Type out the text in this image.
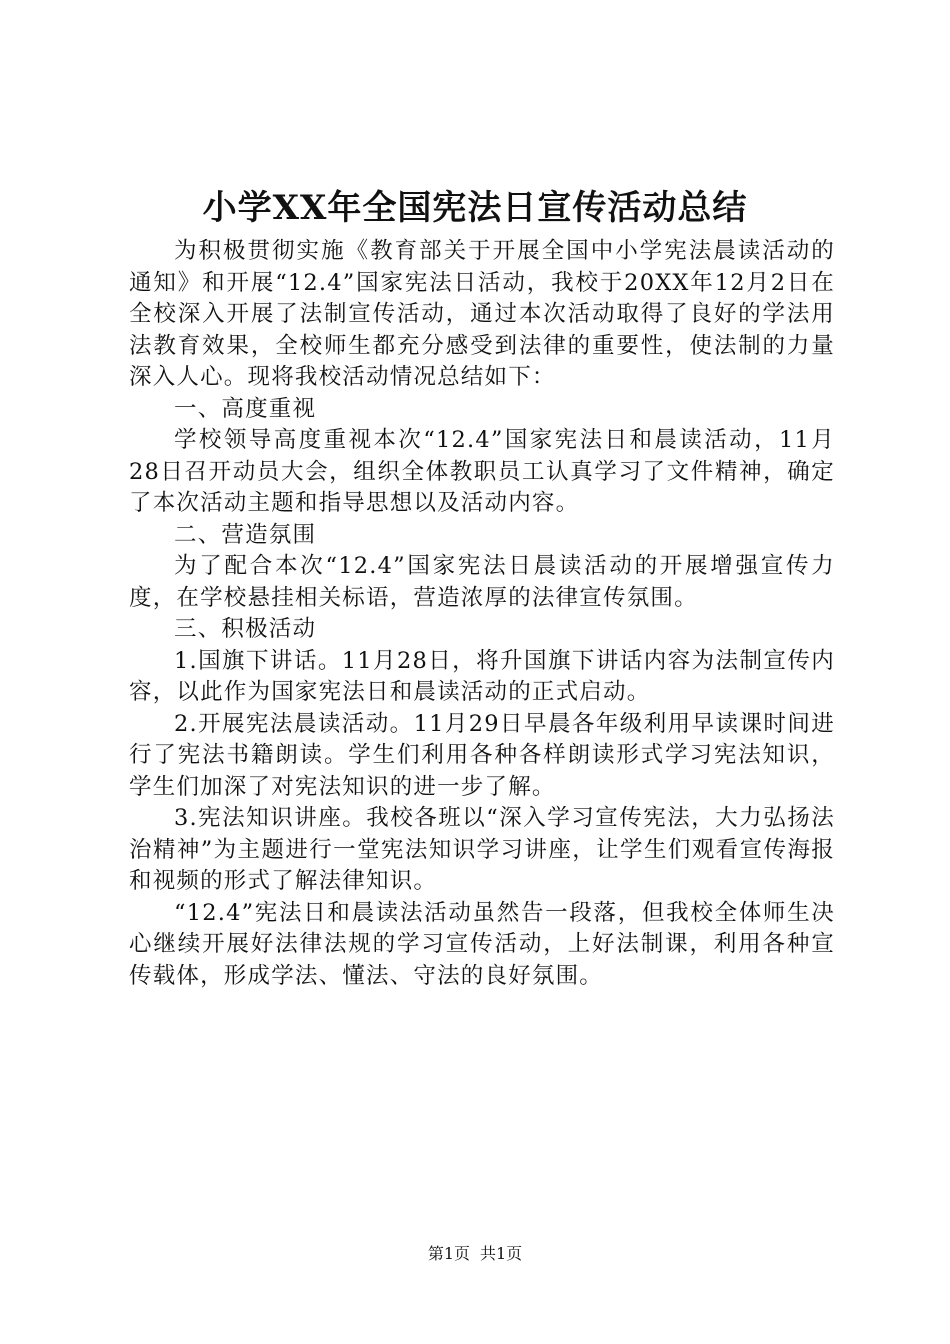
小学XX年全国宪法日宣传活动总结

为积极贯彻实施《教育部关于开展全国中小学宪法晨读活动的通知》和开展“12.4”国家宪法日活动，我校于20XX年12月2日在全校深入开展了法制宣传活动，通过本次活动取得了良好的学法用法教育效果，全校师生都充分感受到法律的重要性，使法制的力量深入人心。现将我校活动情况总结如下：

一、高度重视

学校领导高度重视本次“12.4”国家宪法日和晨读活动，11月28日召开动员大会，组织全体教职员工认真学习了文件精神，确定了本次活动主题和指导思想以及活动内容。

二、营造氛围

为了配合本次“12.4”国家宪法日晨读活动的开展增强宣传力度，在学校悬挂相关标语，营造浓厚的法律宣传氛围。

三、积极活动

1.国旗下讲话。11月28日，将升国旗下讲话内容为法制宣传内容，以此作为国家宪法日和晨读活动的正式启动。

2.开展宪法晨读活动。11月29日早晨各年级利用早读课时间进行了宪法书籍朗读。学生们利用各种各样朗读形式学习宪法知识，学生们加深了对宪法知识的进一步了解。

3.宪法知识讲座。我校各班以“深入学习宣传宪法，大力弘扬法治精神”为主题进行一堂宪法知识学习讲座，让学生们观看宣传海报和视频的形式了解法律知识。

“12.4”宪法日和晨读法活动虽然告一段落，但我校全体师生决心继续开展好法律法规的学习宣传活动，上好法制课，利用各种宣传载体，形成学法、懂法、守法的良好氛围。

第1页 共1页
